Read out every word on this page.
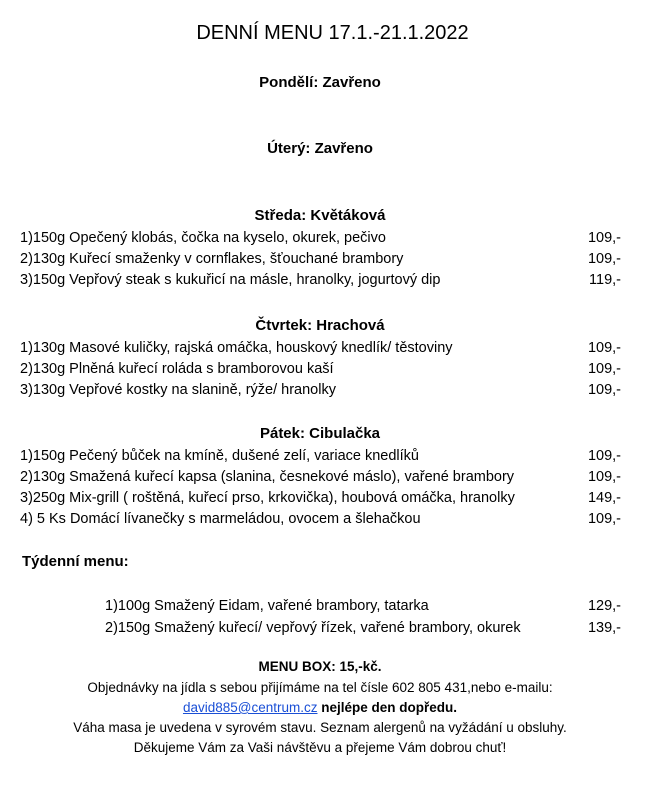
DENNÍ MENU 17.1.-21.1.2022
Pondělí: Zavřeno
Úterý: Zavřeno
Středa: Květáková
1)150g Opečený klobás, čočka na kyselo, okurek, pečivo	109,-
2)130g Kuřecí smaženky v cornflakes, šťouchané brambory	109,-
3)150g Vepřový steak s kukuřicí na másle, hranolky, jogurtový dip	119,-
Čtvrtek: Hrachová
1)130g Masové kuličky, rajská omáčka, houskový knedlík/ těstoviny	109,-
2)130g Plněná kuřecí roláda s bramborovou kaší	109,-
3)130g Vepřové kostky na slanině, rýže/ hranolky	109,-
Pátek: Cibulačka
1)150g Pečený bůček na kmíně, dušené zelí, variace knedlíků	109,-
2)130g Smažená kuřecí kapsa (slanina, česnekové máslo), vařené brambory	109,-
3)250g Mix-grill ( roštěná, kuřecí prso, krkovička), houbová omáčka, hranolky	149,-
4) 5 Ks Domácí lívanečky s marmeládou, ovocem a šlehačkou	109,-
Týdenní menu:
1)100g Smažený Eidam, vařené brambory, tatarka	129,-
2)150g Smažený kuřecí/ vepřový řízek, vařené brambory, okurek	139,-
MENU BOX: 15,-kč.
Objednávky na jídla s sebou přijímáme na tel čísle 602 805 431,nebo e-mailu:
david885@centrum.cz nejlépe den dopředu.
Váha masa je uvedena v syrovém stavu. Seznam alergenů na vyžádání u obsluhy.
Děkujeme Vám za Vaši návštěvu a přejeme Vám dobrou chuť!
